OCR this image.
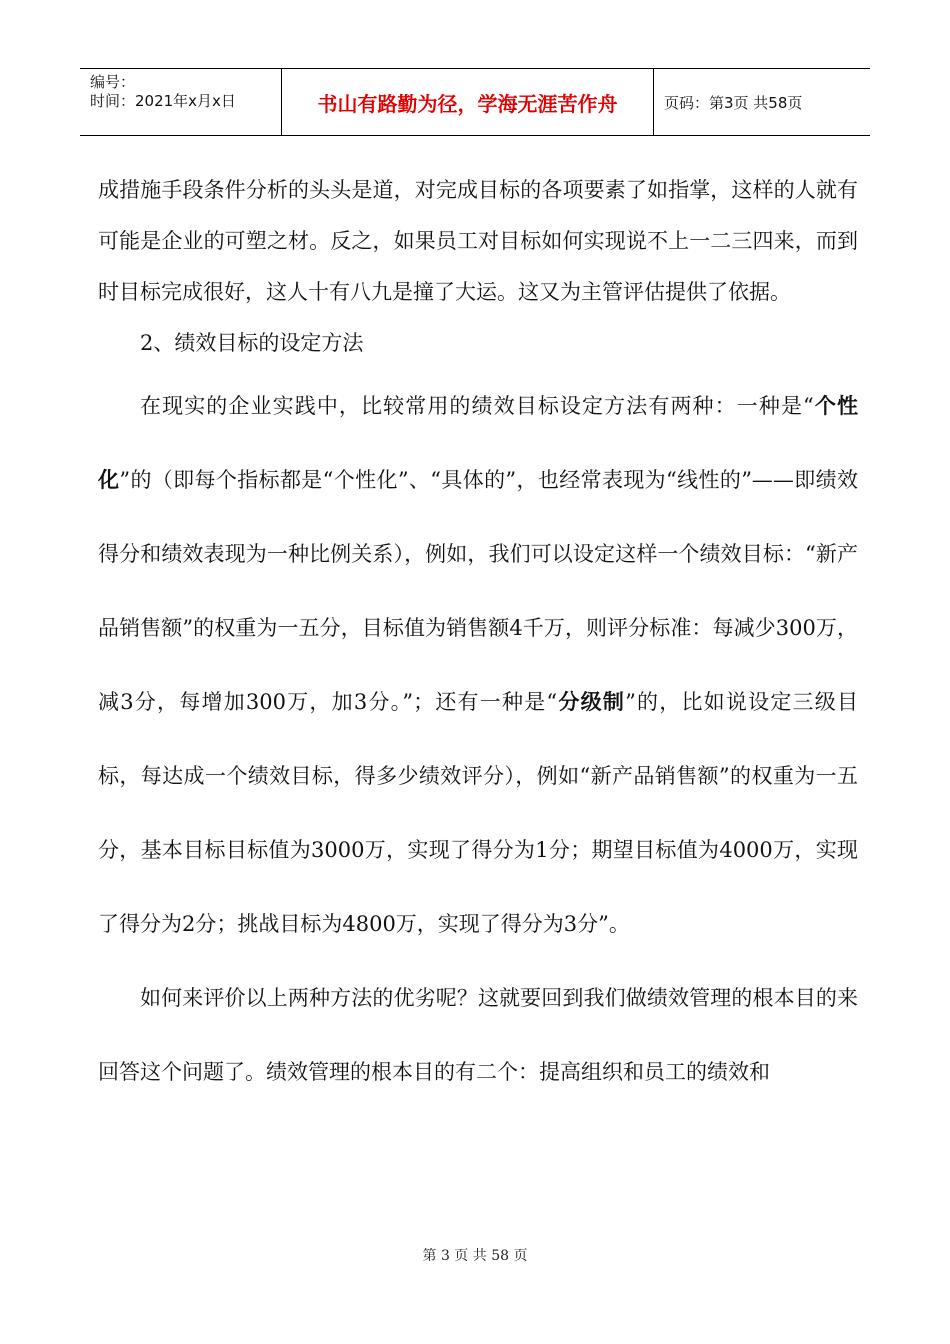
编号：
时间：2021年x月x日	书山有路勤为径，学海无涯苦作舟	页码：第3页 共58页

成措施手段条件分析的头头是道，对完成目标的各项要素了如指掌，这样的人就有可能是企业的可塑之材。反之，如果员工对目标如何实现说不上一二三四来，而到时目标完成很好，这人十有八九是撞了大运。这又为主管评估提供了依据。

2、绩效目标的设定方法

在现实的企业实践中，比较常用的绩效目标设定方法有两种：一种是“个性化”的（即每个指标都是“个性化”、“具体的”，也经常表现为“线性的”——即绩效得分和绩效表现为一种比例关系），例如，我们可以设定这样一个绩效目标：“新产品销售额”的权重为一五分，目标值为销售额4千万，则评分标准：每减少300万，减3分，每增加300万，加3分。”；还有一种是“分级制”的，比如说设定三级目标，每达成一个绩效目标，得多少绩效评分），例如“新产品销售额”的权重为一五分，基本目标目标值为3000万，实现了得分为1分；期望目标值为4000万，实现了得分为2分；挑战目标为4800万，实现了得分为3分”。

如何来评价以上两种方法的优劣呢？这就要回到我们做绩效管理的根本目的来回答这个问题了。绩效管理的根本目的有二个：提高组织和员工的绩效和

第 3 页 共 58 页
